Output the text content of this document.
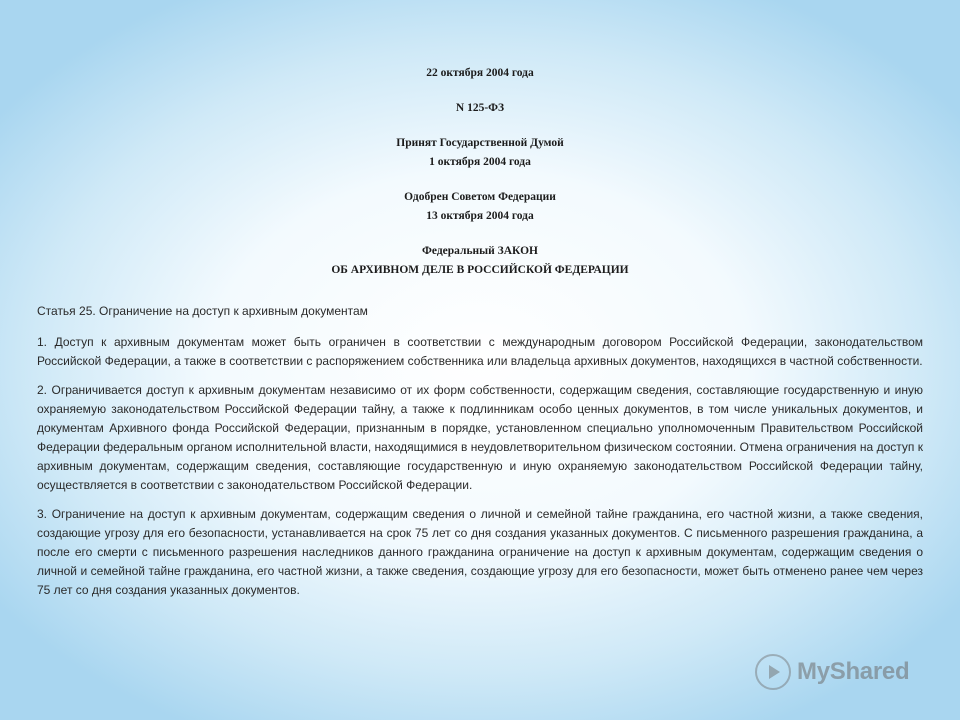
22 октября 2004 года

N 125-ФЗ

Принят Государственной Думой

1 октября 2004 года

Одобрен Советом Федерации

13 октября 2004 года

Федеральный ЗАКОН

ОБ АРХИВНОМ ДЕЛЕ В РОССИЙСКОЙ ФЕДЕРАЦИИ

Статья 25. Ограничение на доступ к архивным документам

1. Доступ к архивным документам может быть ограничен в соответствии с международным договором Российской Федерации, законодательством Российской Федерации, а также в соответствии с распоряжением собственника или владельца архивных документов, находящихся в частной собственности.

2. Ограничивается доступ к архивным документам независимо от их форм собственности, содержащим сведения, составляющие государственную и иную охраняемую законодательством Российской Федерации тайну, а также к подлинникам особо ценных документов, в том числе уникальных документов, и документам Архивного фонда Российской Федерации, признанным в порядке, установленном специально уполномоченным Правительством Российской Федерации федеральным органом исполнительной власти, находящимися в неудовлетворительном физическом состоянии. Отмена ограничения на доступ к архивным документам, содержащим сведения, составляющие государственную и иную охраняемую законодательством Российской Федерации тайну, осуществляется в соответствии с законодательством Российской Федерации.

3. Ограничение на доступ к архивным документам, содержащим сведения о личной и семейной тайне гражданина, его частной жизни, а также сведения, создающие угрозу для его безопасности, устанавливается на срок 75 лет со дня создания указанных документов. С письменного разрешения гражданина, а после его смерти с письменного разрешения наследников данного гражданина ограничение на доступ к архивным документам, содержащим сведения о личной и семейной тайне гражданина, его частной жизни, а также сведения, создающие угрозу для его безопасности, может быть отменено ранее чем через 75 лет со дня создания указанных документов.

MyShared
